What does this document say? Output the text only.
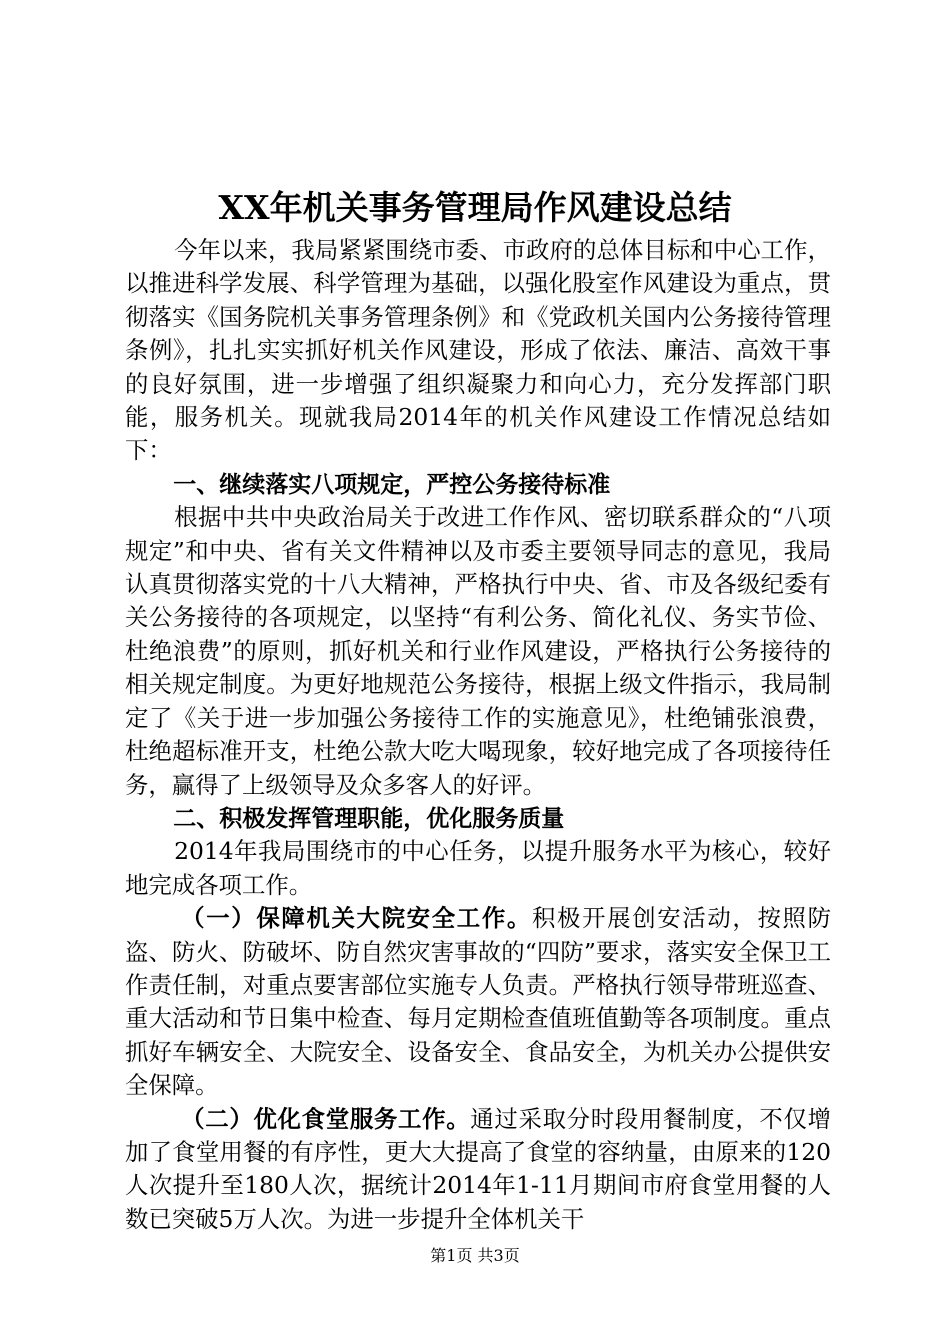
XX年机关事务管理局作风建设总结

今年以来，我局紧紧围绕市委、市政府的总体目标和中心工作，以推进科学发展、科学管理为基础，以强化股室作风建设为重点，贯彻落实《国务院机关事务管理条例》和《党政机关国内公务接待管理条例》，扎扎实实抓好机关作风建设，形成了依法、廉洁、高效干事的良好氛围，进一步增强了组织凝聚力和向心力，充分发挥部门职能，服务机关。现就我局2014年的机关作风建设工作情况总结如下：

一、继续落实八项规定，严控公务接待标准

根据中共中央政治局关于改进工作作风、密切联系群众的“八项规定”和中央、省有关文件精神以及市委主要领导同志的意见，我局认真贯彻落实党的十八大精神，严格执行中央、省、市及各级纪委有关公务接待的各项规定，以坚持“有利公务、简化礼仪、务实节俭、杜绝浪费”的原则，抓好机关和行业作风建设，严格执行公务接待的相关规定制度。为更好地规范公务接待，根据上级文件指示，我局制定了《关于进一步加强公务接待工作的实施意见》，杜绝铺张浪费，杜绝超标准开支，杜绝公款大吃大喝现象，较好地完成了各项接待任务，赢得了上级领导及众多客人的好评。

二、积极发挥管理职能，优化服务质量

2014年我局围绕市的中心任务，以提升服务水平为核心，较好地完成各项工作。

（一）保障机关大院安全工作。积极开展创安活动，按照防盗、防火、防破坏、防自然灾害事故的“四防”要求，落实安全保卫工作责任制，对重点要害部位实施专人负责。严格执行领导带班巡查、重大活动和节日集中检查、每月定期检查值班值勤等各项制度。重点抓好车辆安全、大院安全、设备安全、食品安全，为机关办公提供安全保障。

（二）优化食堂服务工作。通过采取分时段用餐制度，不仅增加了食堂用餐的有序性，更大大提高了食堂的容纳量，由原来的120人次提升至180人次，据统计2014年1-11月期间市府食堂用餐的人数已突破5万人次。为进一步提升全体机关干

第1页 共3页
